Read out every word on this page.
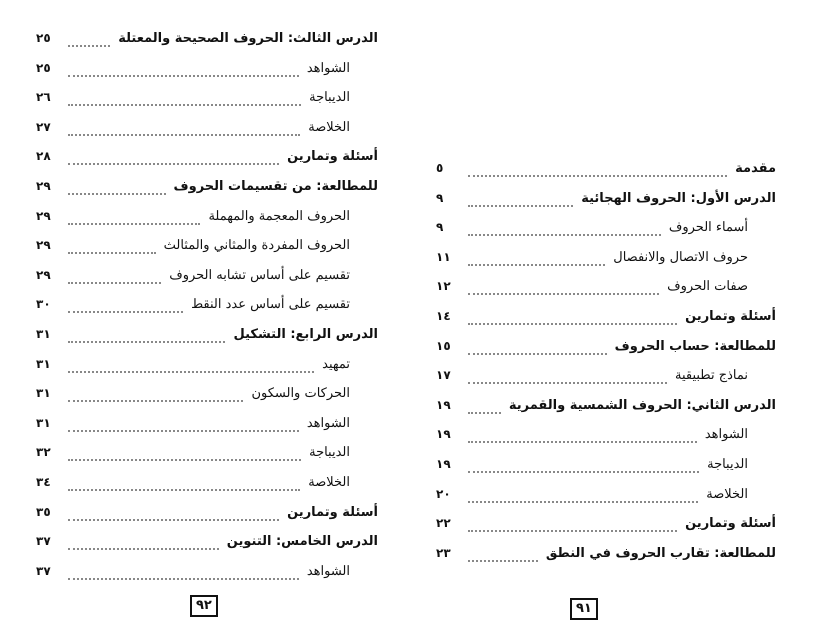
٩٢
الدرس الثالث: الحروف الصحيحة والمعتلة
٢٥
الشواهد
٢٥
الديباجة
٢٦
الخلاصة
٢٧
أسئلة وتمارين
٢٨
للمطالعة: من تقسيمات الحروف
٢٩
الحروف المعجمة والمهملة
٢٩
الحروف المفردة والمثاني والمثالث
٢٩
تقسيم على أساس تشابه الحروف
٢٩
تقسيم على أساس عدد النقط
٣٠
الدرس الرابع: التشكيل
٣١
تمهيد
٣١
الحركات والسكون
٣١
الشواهد
٣١
الديباجة
٣٢
الخلاصة
٣٤
أسئلة وتمارين
٣٥
الدرس الخامس: التنوين
٣٧
الشواهد
٣٧
٩١
مقدمة
٥
الدرس الأول: الحروف الهجائية
٩
أسماء الحروف
٩
حروف الاتصال والانفصال
١١
صفات الحروف
١٢
أسئلة وتمارين
١٤
للمطالعة: حساب الحروف
١٥
نماذج تطبيقية
١٧
الدرس الثاني: الحروف الشمسية والقمرية
١٩
الشواهد
١٩
الديباجة
١٩
الخلاصة
٢٠
أسئلة وتمارين
٢٢
للمطالعة: تقارب الحروف في النطق
٢٣
